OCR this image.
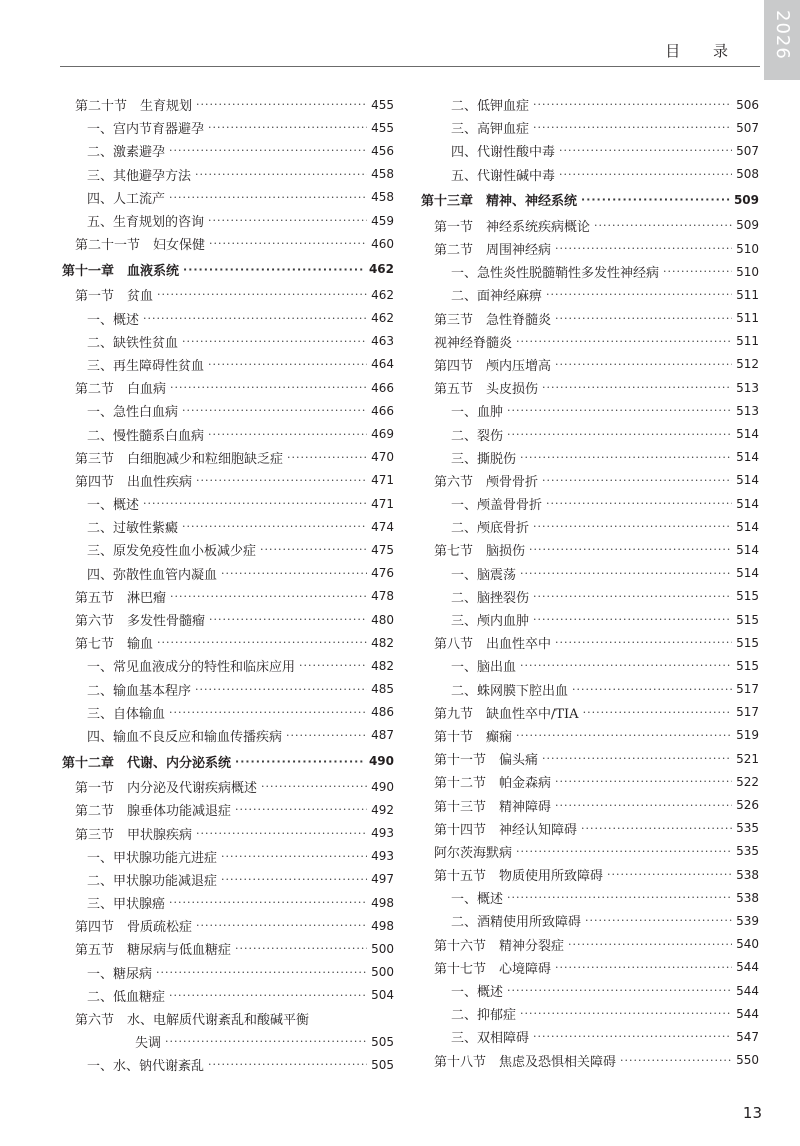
2026
目 录
第二十节　生育规划 ·····	455
一、宫内节育器避孕 ·····	455
二、激素避孕 ·····	456
三、其他避孕方法 ·····	458
四、人工流产 ·····	458
五、生育规划的咨询 ·····	459
第二十一节　妇女保健 ·····	460
第十一章　血液系统 ·····	462
第一节　贫血 ·····	462
一、概述 ·····	462
二、缺铁性贫血 ·····	463
三、再生障碍性贫血 ·····	464
第二节　白血病 ·····	466
一、急性白血病 ·····	466
二、慢性髓系白血病 ·····	469
第三节　白细胞减少和粒细胞缺乏症 ·····	470
第四节　出血性疾病 ·····	471
一、概述 ·····	471
二、过敏性紫癜 ·····	474
三、原发免疫性血小板减少症 ·····	475
四、弥散性血管内凝血 ·····	476
第五节　淋巴瘤 ·····	478
第六节　多发性骨髓瘤 ·····	480
第七节　输血 ·····	482
一、常见血液成分的特性和临床应用 ·····	482
二、输血基本程序 ·····	485
三、自体输血 ·····	486
四、输血不良反应和输血传播疾病 ·····	487
第十二章　代谢、内分泌系统 ·····	490
第一节　内分泌及代谢疾病概述 ·····	490
第二节　腺垂体功能减退症 ·····	492
第三节　甲状腺疾病 ·····	493
一、甲状腺功能亢进症 ·····	493
二、甲状腺功能减退症 ·····	497
三、甲状腺癌 ·····	498
第四节　骨质疏松症 ·····	498
第五节　糖尿病与低血糖症 ·····	500
一、糖尿病 ·····	500
二、低血糖症 ·····	504
第六节　水、电解质代谢紊乱和酸碱平衡
失调 ·····	505
一、水、钠代谢紊乱 ·····	505
二、低钾血症 ·····	506
三、高钾血症 ·····	507
四、代谢性酸中毒 ·····	507
五、代谢性碱中毒 ·····	508
第十三章　精神、神经系统 ·····	509
第一节　神经系统疾病概论 ·····	509
第二节　周围神经病 ·····	510
一、急性炎性脱髓鞘性多发性神经病 ·····	510
二、面神经麻痹 ·····	511
第三节　急性脊髓炎 ·····	511
视神经脊髓炎 ·····	511
第四节　颅内压增高 ·····	512
第五节　头皮损伤 ·····	513
一、血肿 ·····	513
二、裂伤 ·····	514
三、撕脱伤 ·····	514
第六节　颅骨骨折 ·····	514
一、颅盖骨骨折 ·····	514
二、颅底骨折 ·····	514
第七节　脑损伤 ·····	514
一、脑震荡 ·····	514
二、脑挫裂伤 ·····	515
三、颅内血肿 ·····	515
第八节　出血性卒中 ·····	515
一、脑出血 ·····	515
二、蛛网膜下腔出血 ·····	517
第九节　缺血性卒中/TIA ·····	517
第十节　癫痫 ·····	519
第十一节　偏头痛 ·····	521
第十二节　帕金森病 ·····	522
第十三节　精神障碍 ·····	526
第十四节　神经认知障碍 ·····	535
阿尔茨海默病 ·····	535
第十五节　物质使用所致障碍 ·····	538
一、概述 ·····	538
二、酒精使用所致障碍 ·····	539
第十六节　精神分裂症 ·····	540
第十七节　心境障碍 ·····	544
一、概述 ·····	544
二、抑郁症 ·····	544
三、双相障碍 ·····	547
第十八节　焦虑及恐惧相关障碍 ·····	550
13
